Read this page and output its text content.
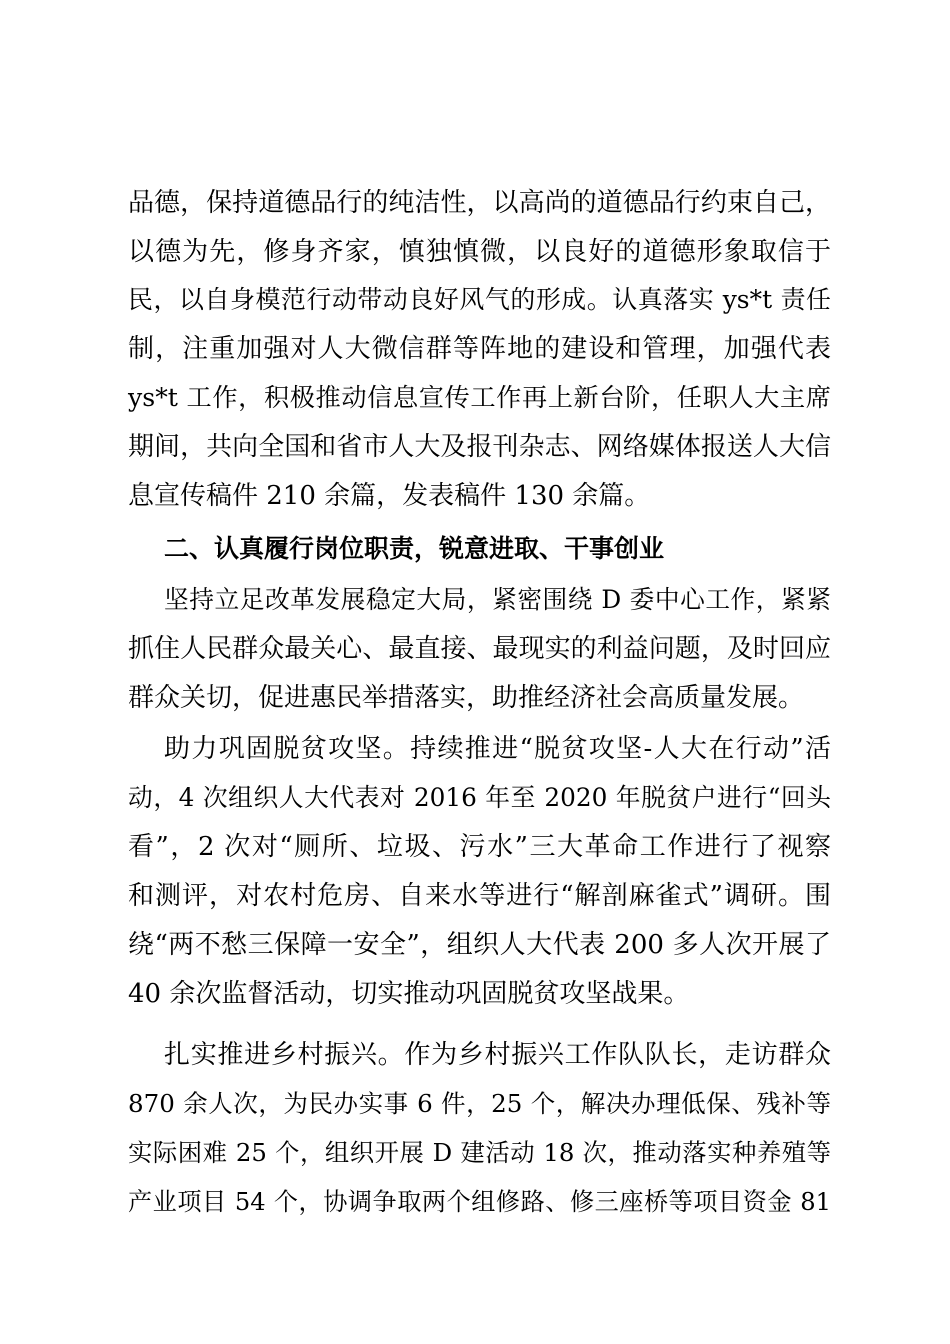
品德，保持道德品行的纯洁性，以高尚的道德品行约束自己，
以德为先，修身齐家，慎独慎微，以良好的道德形象取信于
民，以自身模范行动带动良好风气的形成。认真落实 ys*t 责任
制，注重加强对人大微信群等阵地的建设和管理，加强代表
ys*t 工作，积极推动信息宣传工作再上新台阶，任职人大主席
期间，共向全国和省市人大及报刊杂志、网络媒体报送人大信
息宣传稿件 210 余篇，发表稿件 130 余篇。
二、认真履行岗位职责，锐意进取、干事创业
坚持立足改革发展稳定大局，紧密围绕 D 委中心工作，紧紧
抓住人民群众最关心、最直接、最现实的利益问题，及时回应
群众关切，促进惠民举措落实，助推经济社会高质量发展。
助力巩固脱贫攻坚。持续推进“脱贫攻坚-人大在行动”活
动，4 次组织人大代表对 2016 年至 2020 年脱贫户进行“回头
看”，2 次对“厕所、垃圾、污水”三大革命工作进行了视察
和测评，对农村危房、自来水等进行“解剖麻雀式”调研。围
绕“两不愁三保障一安全”，组织人大代表 200 多人次开展了
40 余次监督活动，切实推动巩固脱贫攻坚战果。
扎实推进乡村振兴。作为乡村振兴工作队队长，走访群众
870 余人次，为民办实事 6 件，25 个，解决办理低保、残补等
实际困难 25 个，组织开展 D 建活动 18 次，推动落实种养殖等
产业项目 54 个，协调争取两个组修路、修三座桥等项目资金 81
